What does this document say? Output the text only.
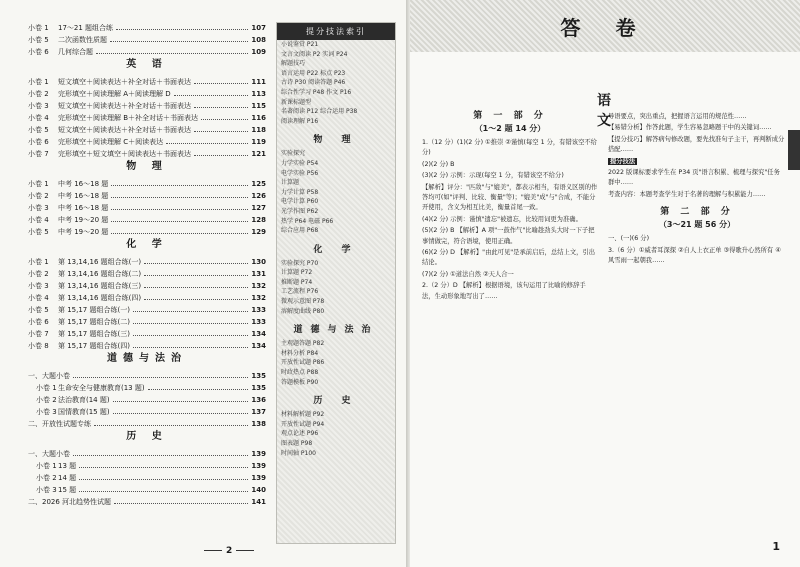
小卷 1	17～21 题组合练	107
小卷 5	二次函数性质题	108
小卷 6	几何综合题	109
英 语
小卷 1	短文填空＋阅读表达＋补全对话＋书面表达	111
小卷 2	完形填空＋阅读理解 A＋阅读理解 D	113
小卷 3	短文填空＋阅读表达＋补全对话＋书面表达	115
小卷 4	完形填空＋阅读理解 B＋补全对话＋书面表达	116
小卷 5	短文填空＋阅读表达＋补全对话＋书面表达	118
小卷 6	完形填空＋阅读理解 C＋阅读表达	119
小卷 7	完形填空＋短文填空＋阅读表达＋书面表达	121
物 理
小卷 1	中考 16～18 题	125
小卷 2	中考 16～18 题	126
小卷 3	中考 16～18 题	127
小卷 4	中考 19～20 题	128
小卷 5	中考 19～20 题	129
化 学
小卷 1	第 13,14,16 题组合练(一)	130
小卷 2	第 13,14,16 题组合练(二)	131
小卷 3	第 13,14,16 题组合练(三)	132
小卷 4	第 13,14,16 题组合练(四)	132
小卷 5	第 15,17 题组合练(一)	133
小卷 6	第 15,17 题组合练(二)	133
小卷 7	第 15,17 题组合练(三)	134
小卷 8	第 15,17 题组合练(四)	134
道德与法治
一、大题小卷	135
小卷 1 生命安全与健康教育(13 题)	135
小卷 2 法治教育(14 题)	136
小卷 3 国情教育(15 题)	137
二、开放性试题专练	138
历 史
一、大题小卷	139
小卷 1 13 题	139
小卷 2 14 题	139
小卷 3 15 题	140
二、2026 河北趋势性试题	141
提分技法索引
小说鉴赏 P21
文言文阅读 P2 实词 P24
解题技巧
语言运用 P22 标点 P23
古诗 P30 阅读答题 P46
综合性学习 P48 作文 P16
新课标题型
名著阅读 P12 综合运用 P38
阅读理解 P16
物 理
实验探究
力学实验 P54
电学实验 P56
计算题
力学计算 P58
电学计算 P60
光学作图 P62
热学 P64 电磁 P66
综合应用 P68
化 学
实验探究 P70
计算题 P72
推断题 P74
工艺流程 P76
微观示意图 P78
溶解度曲线 P80
道德与法治
主观题答题 P82
材料分析 P84
开放性试题 P86
时政热点 P88
答题模板 P90
历 史
材料解析题 P92
开放性试题 P94
观点论述 P96
图表题 P98
时间轴 P100
2
答 卷
语 文
第 一 部 分
（1～2 题 14 分）
1.（12 分）(1)(2 分) ①推崇 ②谨慎(每空 1 分，有错该空不给分)
(2)(2 分) B
(3)(2 分) 示例：示现(每空 1 分，有错该空不给分)
【解析】评分："匹敌"与"媲美"，都表示相当，有语义区别的作答均可(如"评判、比较、衡量"等)；"媲美"成"与"合成，不能分开使用，含义为相互比美，衡量首尾一致。
(4)(2 分) 示例：谨慎"遗忘"被遗忘，比较用词更为准确。
(5)(2 分) B 【解析】A 项"一鼓作气"比喻趁劲头大时一下子把事情做完，符合语境，使用正确。
(6)(2 分) D 【解析】"由此可见"是承前启后，总结上文，引出结论。
(7)(2 分) ①道法自然 ②天人合一
2.（2 分）D 【解析】根据语境，该句运用了比喻的修辞手法，生动形象地写出了……
导语要点，突出重点，把握语言运用的规范性……
【易错分析】作答此题，学生容易忽略题干中的关键词……
【提分技巧】解答病句修改题，要先找准句子主干，再判断成分搭配……
提分技法
2022 版课标要求学生在 P34 页"语言积累、梳理与探究"任务群中……
考查内容：本题考查学生对于名著的理解与积累能力……
第 二 部 分
（3～21 题 56 分）
一、(一)(6 分)
3.（6 分）①威者耳深探 ②自人上衣正单 ③得歌升心然所有 ④风雪雨一起朝我……
1
